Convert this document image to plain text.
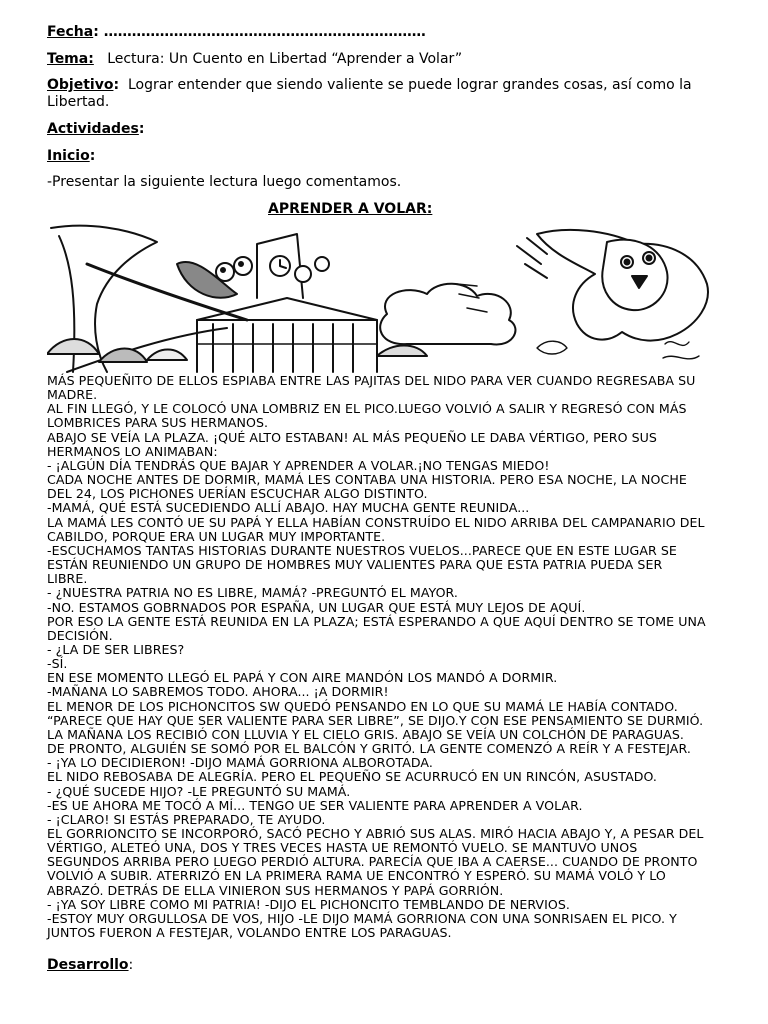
Fecha: ……………………………………………………………
Tema: Lectura: Un Cuento en Libertad “Aprender a Volar”
Objetivo: Lograr entender que siendo valiente se puede lograr grandes cosas, así como la
Libertad.
Actividades:
Inicio:
-Presentar la siguiente lectura luego comentamos.
APRENDER A VOLAR:
MÁS PEQUEÑITO DE ELLOS ESPIABA ENTRE LAS PAJITAS DEL NIDO PARA VER CUANDO REGRESABA SU
MADRE.
AL FIN LLEGÓ, Y LE COLOCÓ UNA LOMBRIZ EN EL PICO.LUEGO VOLVIÓ A SALIR Y REGRESÓ CON MÁS
LOMBRICES PARA SUS HERMANOS.
ABAJO SE VEÍA LA PLAZA. ¡QUÉ ALTO ESTABAN! AL MÁS PEQUEÑO LE DABA VÉRTIGO, PERO SUS
HERMANOS LO ANIMABAN:
- ¡ALGÚN DÍA TENDRÁS QUE BAJAR Y APRENDER A VOLAR.¡NO TENGAS MIEDO!
CADA NOCHE ANTES DE DORMIR, MAMÁ LES CONTABA UNA HISTORIA. PERO ESA NOCHE, LA NOCHE
DEL 24, LOS PICHONES UERÍAN ESCUCHAR ALGO DISTINTO.
-MAMÁ, QUÉ ESTÁ SUCEDIENDO ALLÍ ABAJO. HAY MUCHA GENTE REUNIDA...
LA MAMÁ LES CONTÓ UE SU PAPÁ Y ELLA HABÍAN CONSTRUÍDO EL NIDO ARRIBA DEL CAMPANARIO DEL
CABILDO, PORQUE ERA UN LUGAR MUY IMPORTANTE.
-ESCUCHAMOS TANTAS HISTORIAS DURANTE NUESTROS VUELOS...PARECE QUE EN ESTE LUGAR SE
ESTÁN REUNIENDO UN GRUPO DE HOMBRES MUY VALIENTES PARA QUE ESTA PATRIA PUEDA SER
LIBRE.
- ¿NUESTRA PATRIA NO ES LIBRE, MAMÁ? -PREGUNTÓ EL MAYOR.
-NO. ESTAMOS GOBRNADOS POR ESPAÑA, UN LUGAR QUE ESTÁ MUY LEJOS DE AQUÍ.
POR ESO LA GENTE ESTÁ REUNIDA EN LA PLAZA; ESTÁ ESPERANDO A QUE AQUÍ DENTRO SE TOME UNA
DECISIÓN.
- ¿LA DE SER LIBRES?
-SÍ.
EN ESE MOMENTO LLEGÓ EL PAPÁ Y CON AIRE MANDÓN LOS MANDÓ A DORMIR.
-MAÑANA LO SABREMOS TODO. AHORA... ¡A DORMIR!
EL MENOR DE LOS PICHONCITOS SW QUEDÓ PENSANDO EN LO QUE SU MAMÁ LE HABÍA CONTADO.
“PARECE QUE HAY QUE SER VALIENTE PARA SER LIBRE”, SE DIJO.Y CON ESE PENSAMIENTO SE DURMIÓ.
LA MAÑANA LOS RECIBIÓ CON LLUVIA Y EL CIELO GRIS. ABAJO SE VEÍA UN COLCHÓN DE PARAGUAS.
DE PRONTO, ALGUIÉN SE SOMÓ POR EL BALCÓN Y GRITÓ. LA GENTE COMENZÓ A REÍR Y A FESTEJAR.
- ¡YA LO DECIDIERON! -DIJO MAMÁ GORRIONA ALBOROTADA.
EL NIDO REBOSABA DE ALEGRÍA. PERO EL PEQUEÑO SE ACURRUCÓ EN UN RINCÓN, ASUSTADO.
- ¿QUÉ SUCEDE HIJO? -LE PREGUNTÓ SU MAMÁ.
-ES UE AHORA ME TOCÓ A MÍ... TENGO UE SER VALIENTE PARA APRENDER A VOLAR.
- ¡CLARO! SI ESTÁS PREPARADO, TE AYUDO.
EL GORRIONCITO SE INCORPORÓ, SACÓ PECHO Y ABRIÓ SUS ALAS. MIRÓ HACIA ABAJO Y, A PESAR DEL
VÉRTIGO, ALETEÓ UNA, DOS Y TRES VECES HASTA UE REMONTÓ VUELO. SE MANTUVO UNOS
SEGUNDOS ARRIBA PERO LUEGO PERDIÓ ALTURA. PARECÍA QUE IBA A CAERSE... CUANDO DE PRONTO
VOLVIÓ A SUBIR. ATERRIZÓ EN LA PRIMERA RAMA UE ENCONTRÓ Y ESPERÓ. SU MAMÁ VOLÓ Y LO
ABRAZÓ. DETRÁS DE ELLA VINIERON SUS HERMANOS Y PAPÁ GORRIÓN.
- ¡YA SOY LIBRE COMO MI PATRIA! -DIJO EL PICHONCITO TEMBLANDO DE NERVIOS.
-ESTOY MUY ORGULLOSA DE VOS, HIJO -LE DIJO MAMÁ GORRIONA CON UNA SONRISAEN EL PICO. Y
JUNTOS FUERON A FESTEJAR, VOLANDO ENTRE LOS PARAGUAS.
Desarrollo:
